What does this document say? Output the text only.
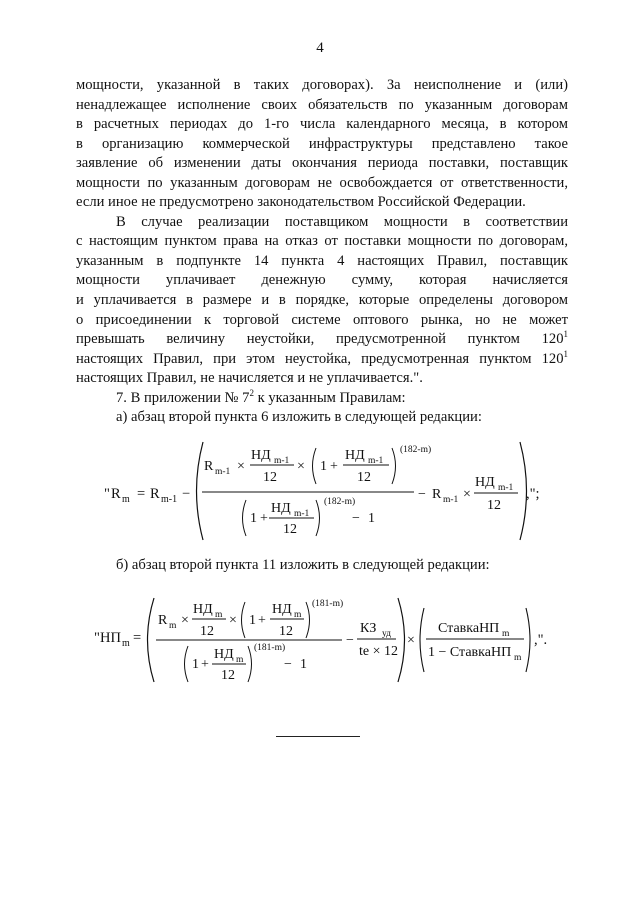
4
мощности, указанной в таких договорах). За неисполнение и (или)
ненадлежащее исполнение своих обязательств по указанным договорам
в расчетных периодах до 1-го числа календарного месяца, в котором
в организацию коммерческой инфраструктуры представлено такое
заявление об изменении даты окончания периода поставки, поставщик
мощности по указанным договорам не освобождается от ответственности,
если иное не предусмотрено законодательством Российской Федерации.
В случае реализации поставщиком мощности в соответствии
с настоящим пунктом права на отказ от поставки мощности по договорам,
указанным в подпункте 14 пункта 4 настоящих Правил, поставщик
мощности уплачивает денежную сумму, которая начисляется
и уплачивается в размере и в порядке, которые определены договором
о присоединении к торговой системе оптового рынка, но не может
превышать величину неустойки, предусмотренной пунктом $120^1$
настоящих Правил, при этом неустойка, предусмотренная пунктом $120^1$
настоящих Правил, не начисляется и не уплачивается.".
7. В приложении № $7^2$ к указанным Правилам:
а) абзац второй пункта 6 изложить в следующей редакции:
" R m = R m-1 −
R m-1 ×
НД m-1
12
× 1 +
НД m-1
12
(182-m)
1 +
НД m-1
12
(182-m)
− 1
− R m-1 ×
НД m-1
12
,";
б) абзац второй пункта 11 изложить в следующей редакции:
" НП m =
R m ×
НД m
12
× 1 +
НД m
12
(181-m)
1 +
НД m
12
(181-m)
− 1
−
КЗ уд
te × 12
×
СтавкаНП m
1 − СтавкаНП m
,".
